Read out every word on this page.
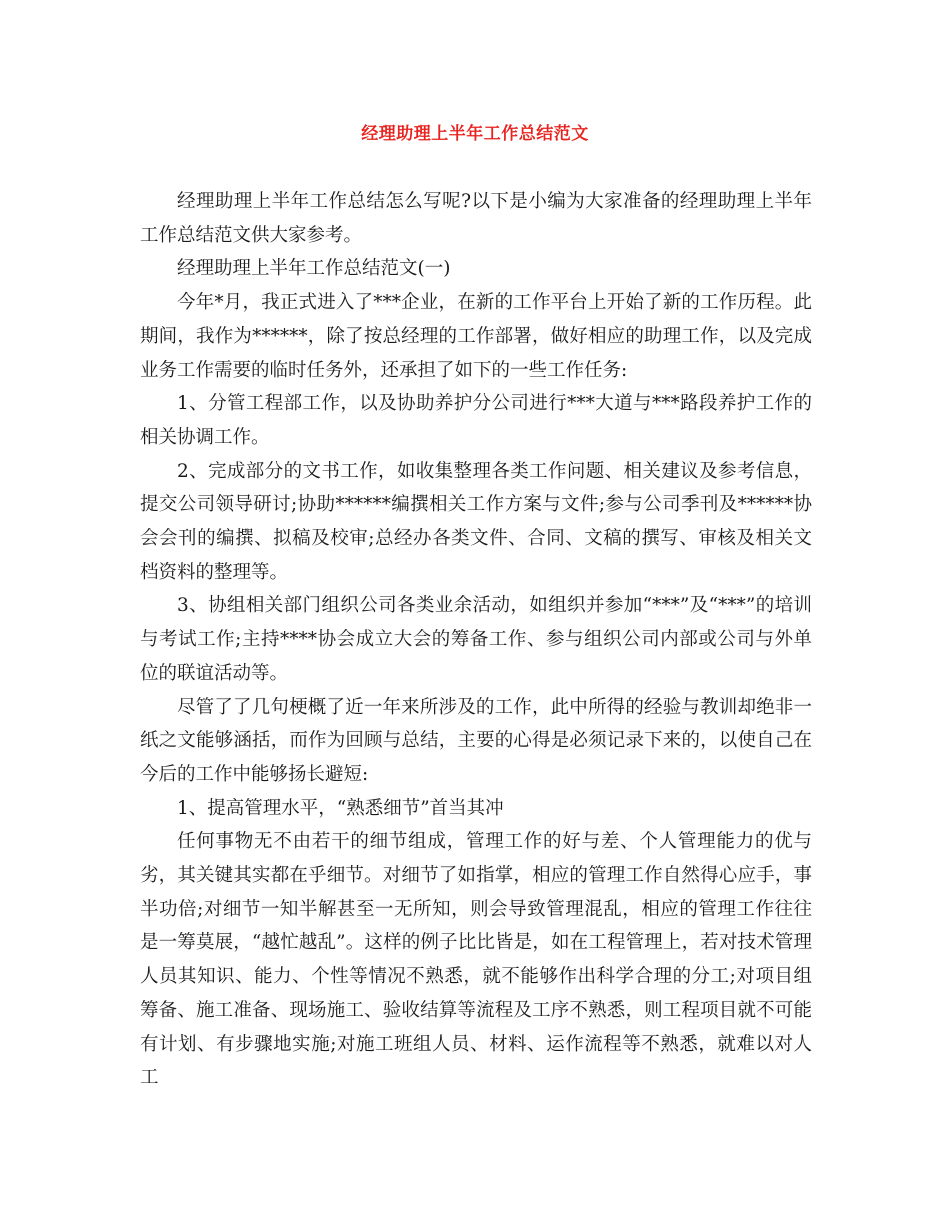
经理助理上半年工作总结范文

经理助理上半年工作总结怎么写呢?以下是小编为大家准备的经理助理上半年工作总结范文供大家参考。

经理助理上半年工作总结范文(一)

今年*月，我正式进入了***企业，在新的工作平台上开始了新的工作历程。此期间，我作为******，除了按总经理的工作部署，做好相应的助理工作，以及完成业务工作需要的临时任务外，还承担了如下的一些工作任务:

1、分管工程部工作，以及协助养护分公司进行***大道与***路段养护工作的相关协调工作。

2、完成部分的文书工作，如收集整理各类工作问题、相关建议及参考信息，提交公司领导研讨;协助******编撰相关工作方案与文件;参与公司季刊及******协会会刊的编撰、拟稿及校审;总经办各类文件、合同、文稿的撰写、审核及相关文档资料的整理等。

3、协组相关部门组织公司各类业余活动，如组织并参加“***”及“***”的培训与考试工作;主持****协会成立大会的筹备工作、参与组织公司内部或公司与外单位的联谊活动等。

尽管了了几句梗概了近一年来所涉及的工作，此中所得的经验与教训却绝非一纸之文能够涵括，而作为回顾与总结，主要的心得是必须记录下来的，以使自己在今后的工作中能够扬长避短:

1、提高管理水平，“熟悉细节”首当其冲

任何事物无不由若干的细节组成，管理工作的好与差、个人管理能力的优与劣，其关键其实都在乎细节。对细节了如指掌，相应的管理工作自然得心应手，事半功倍;对细节一知半解甚至一无所知，则会导致管理混乱，相应的管理工作往往是一筹莫展，“越忙越乱”。这样的例子比比皆是，如在工程管理上，若对技术管理人员其知识、能力、个性等情况不熟悉，就不能够作出科学合理的分工;对项目组筹备、施工准备、现场施工、验收结算等流程及工序不熟悉，则工程项目就不可能有计划、有步骤地实施;对施工班组人员、材料、运作流程等不熟悉，就难以对人工
